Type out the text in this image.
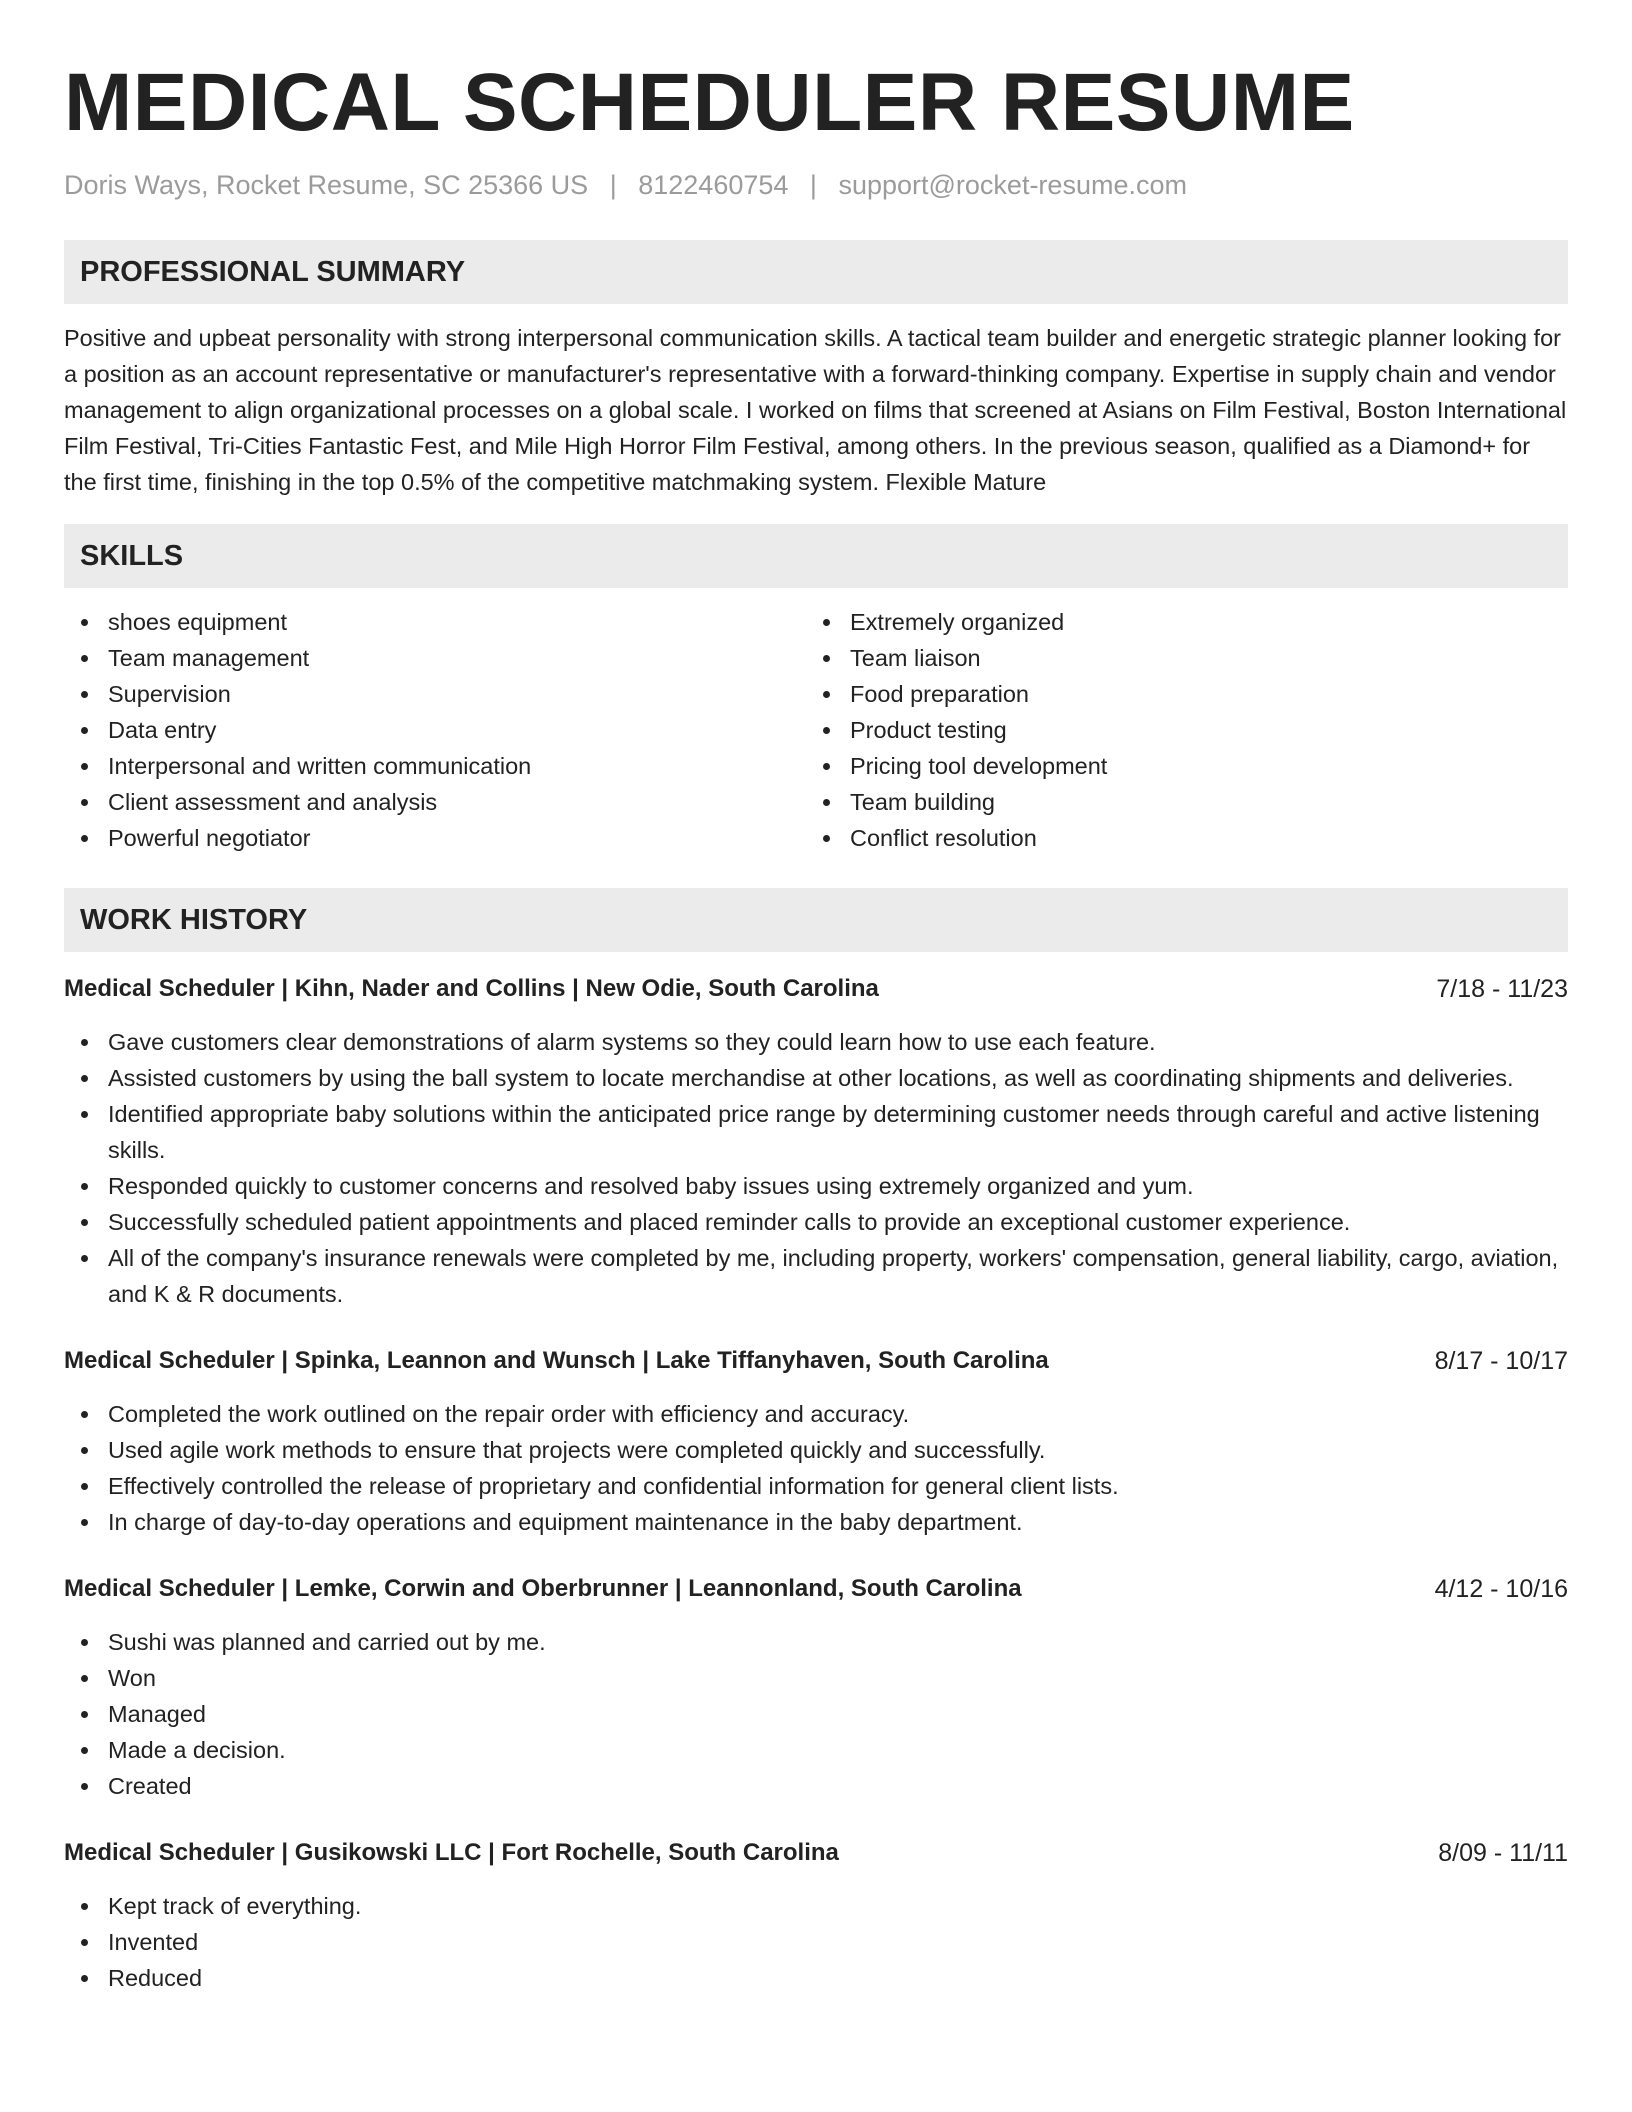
MEDICAL SCHEDULER RESUME
Doris Ways, Rocket Resume, SC 25366 US | 8122460754 | support@rocket-resume.com
PROFESSIONAL SUMMARY

Positive and upbeat personality with strong interpersonal communication skills. A tactical team builder and energetic strategic planner looking for a position as an account representative or manufacturer's representative with a forward-thinking company. Expertise in supply chain and vendor management to align organizational processes on a global scale. I worked on films that screened at Asians on Film Festival, Boston International Film Festival, Tri-Cities Fantastic Fest, and Mile High Horror Film Festival, among others. In the previous season, qualified as a Diamond+ for the first time, finishing in the top 0.5% of the competitive matchmaking system. Flexible Mature

SKILLS
shoes equipment
Team management
Supervision
Data entry
Interpersonal and written communication
Client assessment and analysis
Powerful negotiator
Extremely organized
Team liaison
Food preparation
Product testing
Pricing tool development
Team building
Conflict resolution
WORK HISTORY
Medical Scheduler | Kihn, Nader and Collins | New Odie, South Carolina	7/18 - 11/23
Gave customers clear demonstrations of alarm systems so they could learn how to use each feature.
Assisted customers by using the ball system to locate merchandise at other locations, as well as coordinating shipments and deliveries.
Identified appropriate baby solutions within the anticipated price range by determining customer needs through careful and active listening skills.
Responded quickly to customer concerns and resolved baby issues using extremely organized and yum.
Successfully scheduled patient appointments and placed reminder calls to provide an exceptional customer experience.
All of the company's insurance renewals were completed by me, including property, workers' compensation, general liability, cargo, aviation, and K & R documents.
Medical Scheduler | Spinka, Leannon and Wunsch | Lake Tiffanyhaven, South Carolina	8/17 - 10/17
Completed the work outlined on the repair order with efficiency and accuracy.
Used agile work methods to ensure that projects were completed quickly and successfully.
Effectively controlled the release of proprietary and confidential information for general client lists.
In charge of day-to-day operations and equipment maintenance in the baby department.
Medical Scheduler | Lemke, Corwin and Oberbrunner | Leannonland, South Carolina	4/12 - 10/16
Sushi was planned and carried out by me.
Won
Managed
Made a decision.
Created
Medical Scheduler | Gusikowski LLC | Fort Rochelle, South Carolina	8/09 - 11/11
Kept track of everything.
Invented
Reduced
